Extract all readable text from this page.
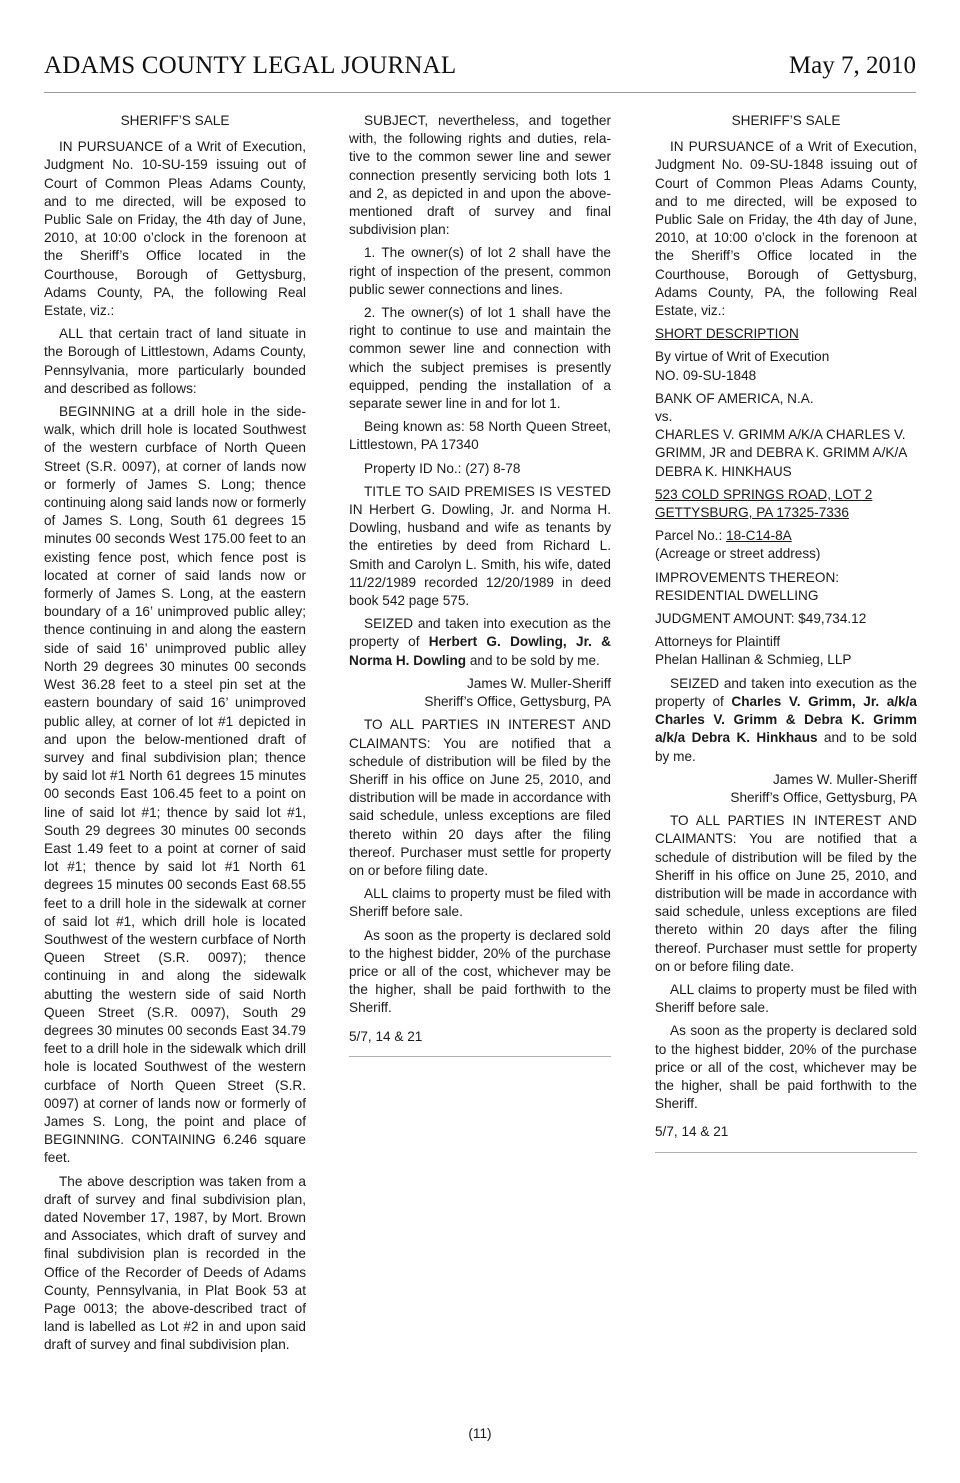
ADAMS COUNTY LEGAL JOURNAL	May 7, 2010

SHERIFF’S SALE

IN PURSUANCE of a Writ of Execution, Judgment No. 10-SU-159 issuing out of Court of Common Pleas Adams County, and to me directed, will be exposed to Public Sale on Friday, the 4th day of June, 2010, at 10:00 o’clock in the forenoon at the Sheriff’s Office located in the Courthouse, Borough of Gettysburg, Adams County, PA, the following Real Estate, viz.:

ALL that certain tract of land situate in the Borough of Littlestown, Adams County, Pennsylvania, more particularly bounded and described as follows:

BEGINNING at a drill hole in the sidewalk, which drill hole is located Southwest of the western curbface of North Queen Street (S.R. 0097), at corner of lands now or formerly of James S. Long; thence continuing along said lands now or formerly of James S. Long, South 61 degrees 15 minutes 00 seconds West 175.00 feet to an existing fence post, which fence post is located at corner of said lands now or formerly of James S. Long, at the eastern boundary of a 16’ unimproved public alley; thence continuing in and along the eastern side of said 16’ unimproved public alley North 29 degrees 30 minutes 00 seconds West 36.28 feet to a steel pin set at the eastern boundary of said 16’ unimproved public alley, at corner of lot #1 depicted in and upon the below-mentioned draft of survey and final subdivision plan; thence by said lot #1 North 61 degrees 15 minutes 00 seconds East 106.45 feet to a point on line of said lot #1; thence by said lot #1, South 29 degrees 30 minutes 00 seconds East 1.49 feet to a point at corner of said lot #1; thence by said lot #1 North 61 degrees 15 minutes 00 seconds East 68.55 feet to a drill hole in the sidewalk at corner of said lot #1, which drill hole is located Southwest of the western curbface of North Queen Street (S.R. 0097); thence continuing in and along the sidewalk abutting the western side of said North Queen Street (S.R. 0097), South 29 degrees 30 minutes 00 seconds East 34.79 feet to a drill hole in the sidewalk which drill hole is located Southwest of the western curbface of North Queen Street (S.R. 0097) at corner of lands now or formerly of James S. Long, the point and place of BEGINNING. CONTAINING 6.246 square feet.

The above description was taken from a draft of survey and final subdivision plan, dated November 17, 1987, by Mort. Brown and Associates, which draft of survey and final subdivision plan is recorded in the Office of the Recorder of Deeds of Adams County, Pennsylvania, in Plat Book 53 at Page 0013; the above-described tract of land is labelled as Lot #2 in and upon said draft of survey and final subdivision plan.

SUBJECT, nevertheless, and together with, the following rights and duties, relative to the common sewer line and sewer connection presently servicing both lots 1 and 2, as depicted in and upon the above-mentioned draft of survey and final subdivision plan:

1. The owner(s) of lot 2 shall have the right of inspection of the present, common public sewer connections and lines.

2. The owner(s) of lot 1 shall have the right to continue to use and maintain the common sewer line and connection with which the subject premises is presently equipped, pending the installation of a separate sewer line in and for lot 1.

Being known as: 58 North Queen Street, Littlestown, PA 17340

Property ID No.: (27) 8-78

TITLE TO SAID PREMISES IS VESTED IN Herbert G. Dowling, Jr. and Norma H. Dowling, husband and wife as tenants by the entireties by deed from Richard L. Smith and Carolyn L. Smith, his wife, dated 11/22/1989 recorded 12/20/1989 in deed book 542 page 575.

SEIZED and taken into execution as the property of Herbert G. Dowling, Jr. & Norma H. Dowling and to be sold by me.

James W. Muller-Sheriff
Sheriff’s Office, Gettysburg, PA

TO ALL PARTIES IN INTEREST AND CLAIMANTS: You are notified that a schedule of distribution will be filed by the Sheriff in his office on June 25, 2010, and distribution will be made in accordance with said schedule, unless exceptions are filed thereto within 20 days after the filing thereof. Purchaser must settle for property on or before filing date.

ALL claims to property must be filed with Sheriff before sale.

As soon as the property is declared sold to the highest bidder, 20% of the purchase price or all of the cost, whichever may be the higher, shall be paid forthwith to the Sheriff.

5/7, 14 & 21

SHERIFF’S SALE

IN PURSUANCE of a Writ of Execution, Judgment No. 09-SU-1848 issuing out of Court of Common Pleas Adams County, and to me directed, will be exposed to Public Sale on Friday, the 4th day of June, 2010, at 10:00 o’clock in the forenoon at the Sheriff’s Office located in the Courthouse, Borough of Gettysburg, Adams County, PA, the following Real Estate, viz.:

SHORT DESCRIPTION

By virtue of Writ of Execution
NO. 09-SU-1848

BANK OF AMERICA, N.A.

vs.

CHARLES V. GRIMM A/K/A CHARLES V. GRIMM, JR and DEBRA K. GRIMM A/K/A DEBRA K. HINKHAUS

523 COLD SPRINGS ROAD, LOT 2
GETTYSBURG, PA 17325-7336

Parcel No.: 18-C14-8A
(Acreage or street address)

IMPROVEMENTS THEREON:
RESIDENTIAL DWELLING

JUDGMENT AMOUNT: $49,734.12

Attorneys for Plaintiff
Phelan Hallinan & Schmieg, LLP

SEIZED and taken into execution as the property of Charles V. Grimm, Jr. a/k/a Charles V. Grimm & Debra K. Grimm a/k/a Debra K. Hinkhaus and to be sold by me.

James W. Muller-Sheriff
Sheriff’s Office, Gettysburg, PA

TO ALL PARTIES IN INTEREST AND CLAIMANTS: You are notified that a schedule of distribution will be filed by the Sheriff in his office on June 25, 2010, and distribution will be made in accordance with said schedule, unless exceptions are filed thereto within 20 days after the filing thereof. Purchaser must settle for property on or before filing date.

ALL claims to property must be filed with Sheriff before sale.

As soon as the property is declared sold to the highest bidder, 20% of the purchase price or all of the cost, whichever may be the higher, shall be paid forthwith to the Sheriff.

5/7, 14 & 21

(11)
